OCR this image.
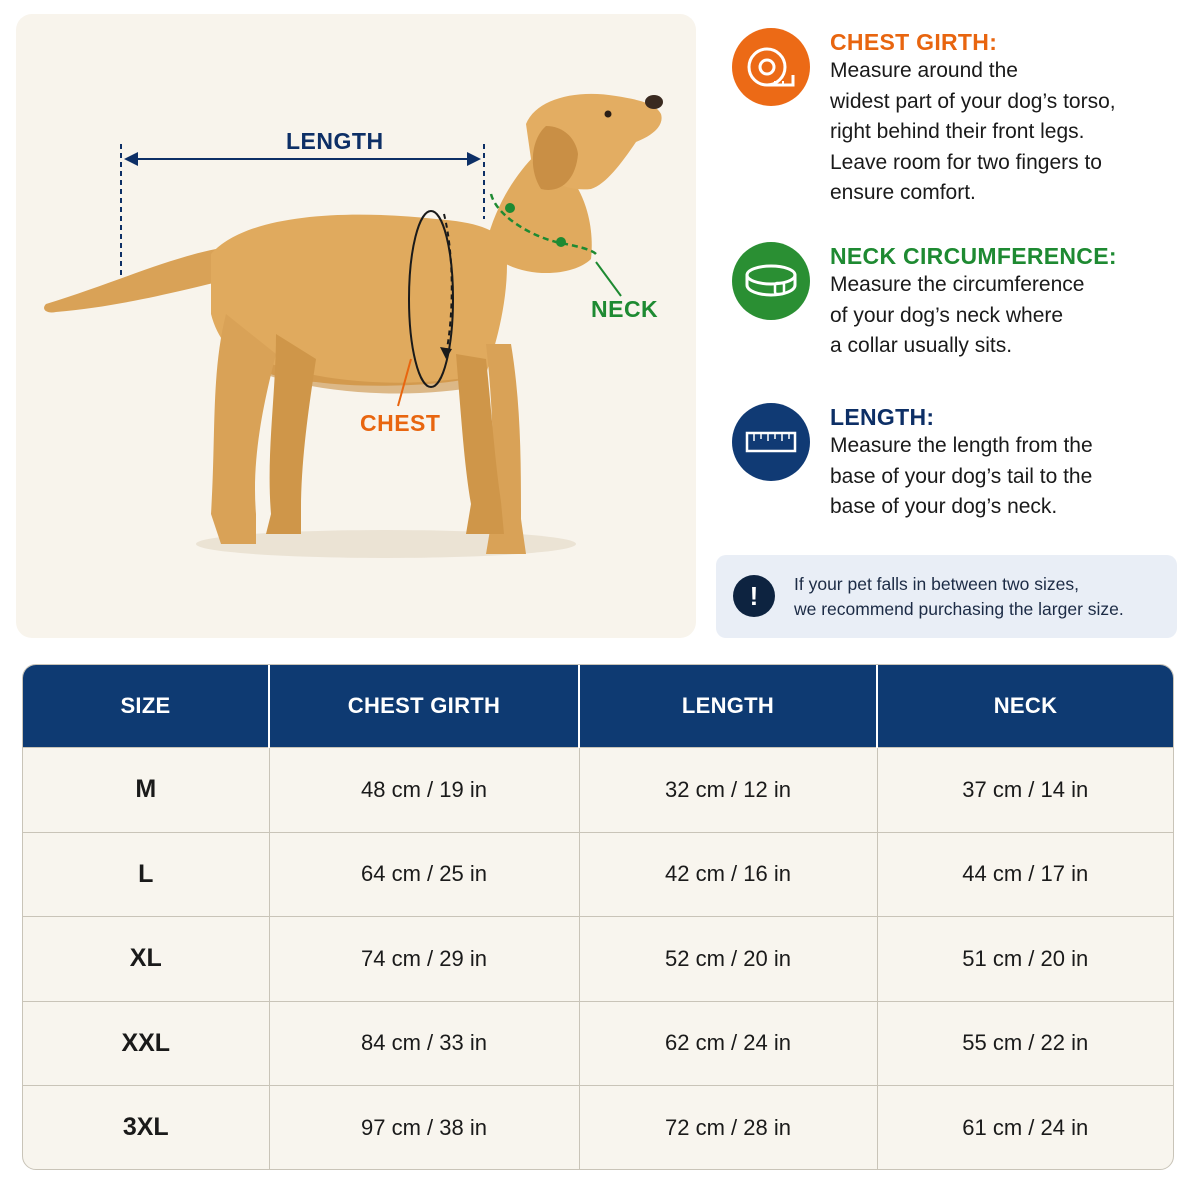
LENGTH
NECK
CHEST
CHEST GIRTH:
Measure around the
widest part of your dog’s torso,
right behind their front legs.
Leave room for two fingers to
ensure comfort.
NECK CIRCUMFERENCE:
Measure the circumference
of your dog’s neck where
a collar usually sits.
LENGTH:
Measure the length from the
base of your dog’s tail to the
base of your dog’s neck.
!	If your pet falls in between two sizes,
we recommend purchasing the larger size.
SIZE	CHEST GIRTH	LENGTH	NECK
M	48 cm / 19 in	32 cm / 12 in	37 cm / 14 in
L	64 cm / 25 in	42 cm / 16 in	44 cm / 17 in
XL	74 cm / 29 in	52 cm / 20 in	51 cm / 20 in
XXL	84 cm / 33 in	62 cm / 24 in	55 cm / 22 in
3XL	97 cm / 38 in	72 cm / 28 in	61 cm / 24 in
